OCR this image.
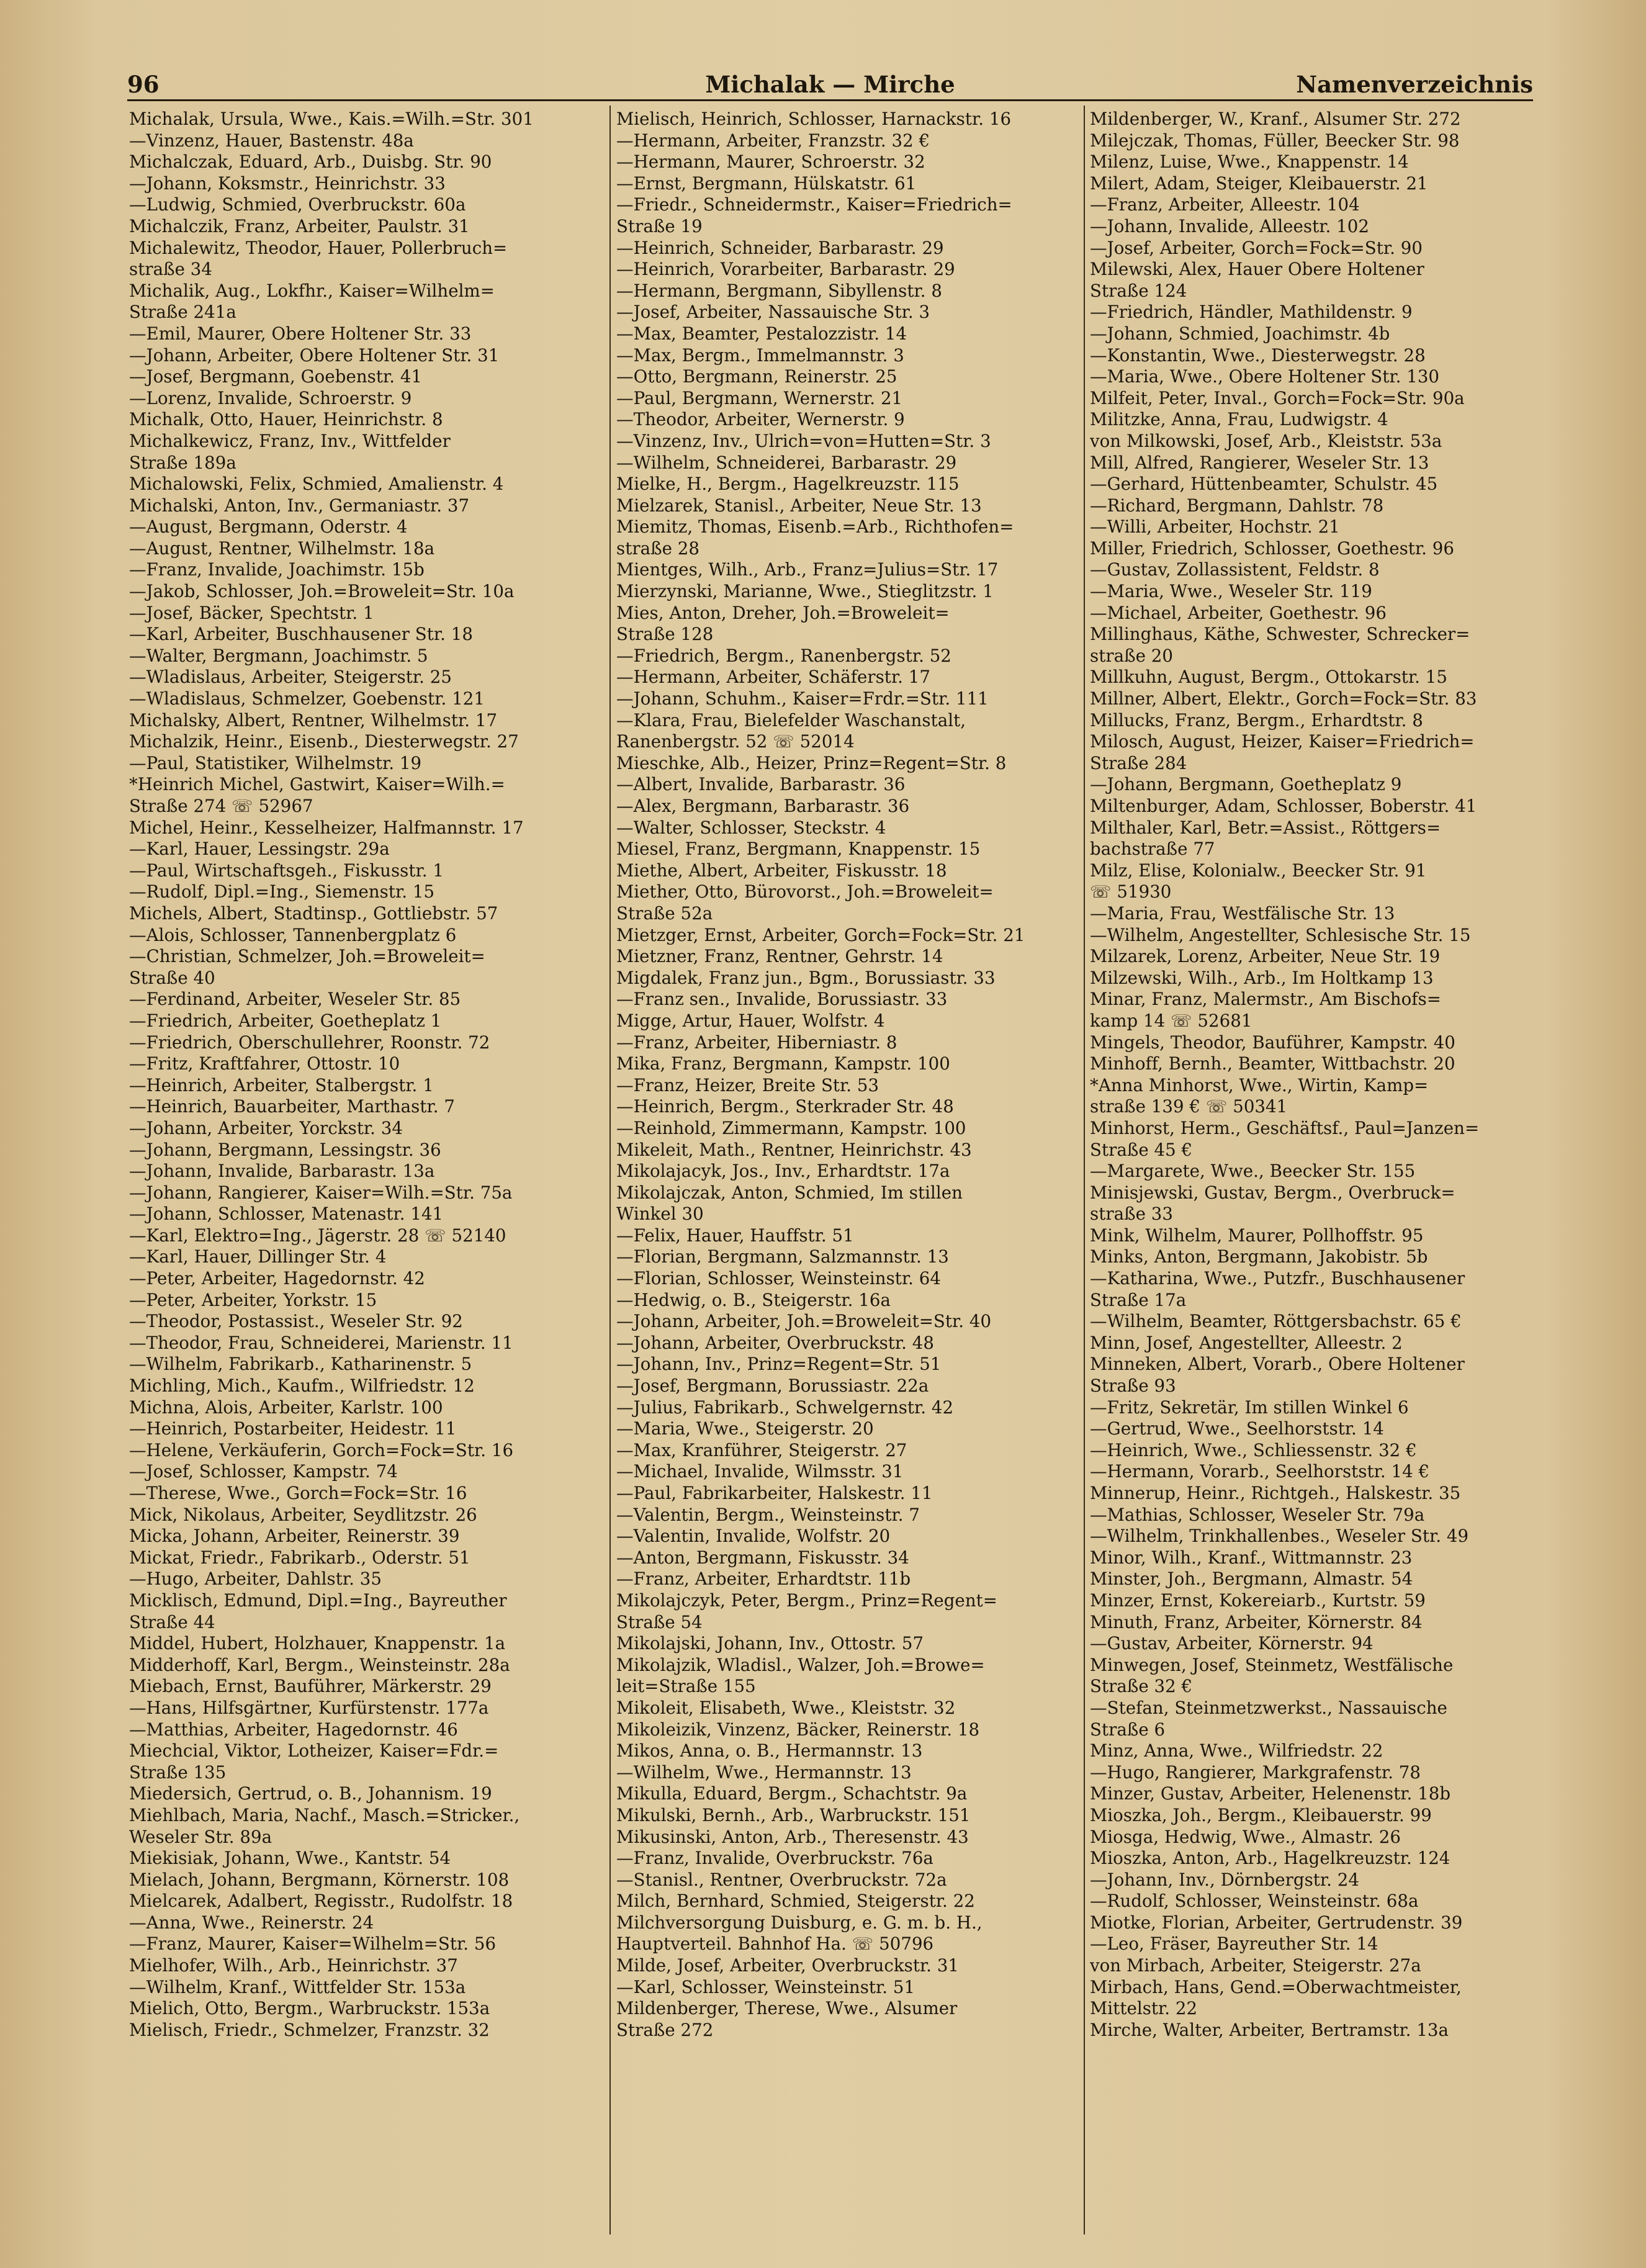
96	Michalak — Mirche	Namenverzeichnis
Michalak, Ursula, Wwe., Kais.=Wilh.=Str. 301
—Vinzenz, Hauer, Bastenstr. 48a
Michalczak, Eduard, Arb., Duisbg. Str. 90
—Johann, Koksmstr., Heinrichstr. 33
—Ludwig, Schmied, Overbruckstr. 60a
Michalczik, Franz, Arbeiter, Paulstr. 31
Michalewitz, Theodor, Hauer, Pollerbruch=
straße 34
Michalik, Aug., Lokfhr., Kaiser=Wilhelm=
Straße 241a
—Emil, Maurer, Obere Holtener Str. 33
—Johann, Arbeiter, Obere Holtener Str. 31
—Josef, Bergmann, Goebenstr. 41
—Lorenz, Invalide, Schroerstr. 9
Michalk, Otto, Hauer, Heinrichstr. 8
Michalkewicz, Franz, Inv., Wittfelder
Straße 189a
Michalowski, Felix, Schmied, Amalienstr. 4
Michalski, Anton, Inv., Germaniastr. 37
—August, Bergmann, Oderstr. 4
—August, Rentner, Wilhelmstr. 18a
—Franz, Invalide, Joachimstr. 15b
—Jakob, Schlosser, Joh.=Broweleit=Str. 10a
—Josef, Bäcker, Spechtstr. 1
—Karl, Arbeiter, Buschhausener Str. 18
—Walter, Bergmann, Joachimstr. 5
—Wladislaus, Arbeiter, Steigerstr. 25
—Wladislaus, Schmelzer, Goebenstr. 121
Michalsky, Albert, Rentner, Wilhelmstr. 17
Michalzik, Heinr., Eisenb., Diesterwegstr. 27
—Paul, Statistiker, Wilhelmstr. 19
*Heinrich Michel, Gastwirt, Kaiser=Wilh.=
Straße 274 ☏ 52967
Michel, Heinr., Kesselheizer, Halfmannstr. 17
—Karl, Hauer, Lessingstr. 29a
—Paul, Wirtschaftsgeh., Fiskusstr. 1
—Rudolf, Dipl.=Ing., Siemenstr. 15
Michels, Albert, Stadtinsp., Gottliebstr. 57
—Alois, Schlosser, Tannenbergplatz 6
—Christian, Schmelzer, Joh.=Broweleit=
Straße 40
—Ferdinand, Arbeiter, Weseler Str. 85
—Friedrich, Arbeiter, Goetheplatz 1
—Friedrich, Oberschullehrer, Roonstr. 72
—Fritz, Kraftfahrer, Ottostr. 10
—Heinrich, Arbeiter, Stalbergstr. 1
—Heinrich, Bauarbeiter, Marthastr. 7
—Johann, Arbeiter, Yorckstr. 34
—Johann, Bergmann, Lessingstr. 36
—Johann, Invalide, Barbarastr. 13a
—Johann, Rangierer, Kaiser=Wilh.=Str. 75a
—Johann, Schlosser, Matenastr. 141
—Karl, Elektro=Ing., Jägerstr. 28 ☏ 52140
—Karl, Hauer, Dillinger Str. 4
—Peter, Arbeiter, Hagedornstr. 42
—Peter, Arbeiter, Yorkstr. 15
—Theodor, Postassist., Weseler Str. 92
—Theodor, Frau, Schneiderei, Marienstr. 11
—Wilhelm, Fabrikarb., Katharinenstr. 5
Michling, Mich., Kaufm., Wilfriedstr. 12
Michna, Alois, Arbeiter, Karlstr. 100
—Heinrich, Postarbeiter, Heidestr. 11
—Helene, Verkäuferin, Gorch=Fock=Str. 16
—Josef, Schlosser, Kampstr. 74
—Therese, Wwe., Gorch=Fock=Str. 16
Mick, Nikolaus, Arbeiter, Seydlitzstr. 26
Micka, Johann, Arbeiter, Reinerstr. 39
Mickat, Friedr., Fabrikarb., Oderstr. 51
—Hugo, Arbeiter, Dahlstr. 35
Micklisch, Edmund, Dipl.=Ing., Bayreuther
Straße 44
Middel, Hubert, Holzhauer, Knappenstr. 1a
Midderhoff, Karl, Bergm., Weinsteinstr. 28a
Miebach, Ernst, Bauführer, Märkerstr. 29
—Hans, Hilfsgärtner, Kurfürstenstr. 177a
—Matthias, Arbeiter, Hagedornstr. 46
Miechcial, Viktor, Lotheizer, Kaiser=Fdr.=
Straße 135
Miedersich, Gertrud, o. B., Johannism. 19
Miehlbach, Maria, Nachf., Masch.=Stricker.,
Weseler Str. 89a
Miekisiak, Johann, Wwe., Kantstr. 54
Mielach, Johann, Bergmann, Körnerstr. 108
Mielcarek, Adalbert, Regisstr., Rudolfstr. 18
—Anna, Wwe., Reinerstr. 24
—Franz, Maurer, Kaiser=Wilhelm=Str. 56
Mielhofer, Wilh., Arb., Heinrichstr. 37
—Wilhelm, Kranf., Wittfelder Str. 153a
Mielich, Otto, Bergm., Warbruckstr. 153a
Mielisch, Friedr., Schmelzer, Franzstr. 32
Mielisch, Heinrich, Schlosser, Harnackstr. 16
—Hermann, Arbeiter, Franzstr. 32 €
—Hermann, Maurer, Schroerstr. 32
—Ernst, Bergmann, Hülskatstr. 61
—Friedr., Schneidermstr., Kaiser=Friedrich=
Straße 19
—Heinrich, Schneider, Barbarastr. 29
—Heinrich, Vorarbeiter, Barbarastr. 29
—Hermann, Bergmann, Sibyllenstr. 8
—Josef, Arbeiter, Nassauische Str. 3
—Max, Beamter, Pestalozzistr. 14
—Max, Bergm., Immelmannstr. 3
—Otto, Bergmann, Reinerstr. 25
—Paul, Bergmann, Wernerstr. 21
—Theodor, Arbeiter, Wernerstr. 9
—Vinzenz, Inv., Ulrich=von=Hutten=Str. 3
—Wilhelm, Schneiderei, Barbarastr. 29
Mielke, H., Bergm., Hagelkreuzstr. 115
Mielzarek, Stanisl., Arbeiter, Neue Str. 13
Miemitz, Thomas, Eisenb.=Arb., Richthofen=
straße 28
Mientges, Wilh., Arb., Franz=Julius=Str. 17
Mierzynski, Marianne, Wwe., Stieglitzstr. 1
Mies, Anton, Dreher, Joh.=Broweleit=
Straße 128
—Friedrich, Bergm., Ranenbergstr. 52
—Hermann, Arbeiter, Schäferstr. 17
—Johann, Schuhm., Kaiser=Frdr.=Str. 111
—Klara, Frau, Bielefelder Waschanstalt,
Ranenbergstr. 52 ☏ 52014
Mieschke, Alb., Heizer, Prinz=Regent=Str. 8
—Albert, Invalide, Barbarastr. 36
—Alex, Bergmann, Barbarastr. 36
—Walter, Schlosser, Steckstr. 4
Miesel, Franz, Bergmann, Knappenstr. 15
Miethe, Albert, Arbeiter, Fiskusstr. 18
Miether, Otto, Bürovorst., Joh.=Broweleit=
Straße 52a
Mietzger, Ernst, Arbeiter, Gorch=Fock=Str. 21
Mietzner, Franz, Rentner, Gehrstr. 14
Migdalek, Franz jun., Bgm., Borussiastr. 33
—Franz sen., Invalide, Borussiastr. 33
Migge, Artur, Hauer, Wolfstr. 4
—Franz, Arbeiter, Hiberniastr. 8
Mika, Franz, Bergmann, Kampstr. 100
—Franz, Heizer, Breite Str. 53
—Heinrich, Bergm., Sterkrader Str. 48
—Reinhold, Zimmermann, Kampstr. 100
Mikeleit, Math., Rentner, Heinrichstr. 43
Mikolajacyk, Jos., Inv., Erhardtstr. 17a
Mikolajczak, Anton, Schmied, Im stillen
Winkel 30
—Felix, Hauer, Hauffstr. 51
—Florian, Bergmann, Salzmannstr. 13
—Florian, Schlosser, Weinsteinstr. 64
—Hedwig, o. B., Steigerstr. 16a
—Johann, Arbeiter, Joh.=Broweleit=Str. 40
—Johann, Arbeiter, Overbruckstr. 48
—Johann, Inv., Prinz=Regent=Str. 51
—Josef, Bergmann, Borussiastr. 22a
—Julius, Fabrikarb., Schwelgernstr. 42
—Maria, Wwe., Steigerstr. 20
—Max, Kranführer, Steigerstr. 27
—Michael, Invalide, Wilmsstr. 31
—Paul, Fabrikarbeiter, Halskestr. 11
—Valentin, Bergm., Weinsteinstr. 7
—Valentin, Invalide, Wolfstr. 20
—Anton, Bergmann, Fiskusstr. 34
—Franz, Arbeiter, Erhardtstr. 11b
Mikolajczyk, Peter, Bergm., Prinz=Regent=
Straße 54
Mikolajski, Johann, Inv., Ottostr. 57
Mikolajzik, Wladisl., Walzer, Joh.=Browe=
leit=Straße 155
Mikoleit, Elisabeth, Wwe., Kleiststr. 32
Mikoleizik, Vinzenz, Bäcker, Reinerstr. 18
Mikos, Anna, o. B., Hermannstr. 13
—Wilhelm, Wwe., Hermannstr. 13
Mikulla, Eduard, Bergm., Schachtstr. 9a
Mikulski, Bernh., Arb., Warbruckstr. 151
Mikusinski, Anton, Arb., Theresenstr. 43
—Franz, Invalide, Overbruckstr. 76a
—Stanisl., Rentner, Overbruckstr. 72a
Milch, Bernhard, Schmied, Steigerstr. 22
Milchversorgung Duisburg, e. G. m. b. H.,
Hauptverteil. Bahnhof Ha. ☏ 50796
Milde, Josef, Arbeiter, Overbruckstr. 31
—Karl, Schlosser, Weinsteinstr. 51
Mildenberger, Therese, Wwe., Alsumer
Straße 272
Mildenberger, W., Kranf., Alsumer Str. 272
Milejczak, Thomas, Füller, Beecker Str. 98
Milenz, Luise, Wwe., Knappenstr. 14
Milert, Adam, Steiger, Kleibauerstr. 21
—Franz, Arbeiter, Alleestr. 104
—Johann, Invalide, Alleestr. 102
—Josef, Arbeiter, Gorch=Fock=Str. 90
Milewski, Alex, Hauer Obere Holtener
Straße 124
—Friedrich, Händler, Mathildenstr. 9
—Johann, Schmied, Joachimstr. 4b
—Konstantin, Wwe., Diesterwegstr. 28
—Maria, Wwe., Obere Holtener Str. 130
Milfeit, Peter, Inval., Gorch=Fock=Str. 90a
Militzke, Anna, Frau, Ludwigstr. 4
von Milkowski, Josef, Arb., Kleiststr. 53a
Mill, Alfred, Rangierer, Weseler Str. 13
—Gerhard, Hüttenbeamter, Schulstr. 45
—Richard, Bergmann, Dahlstr. 78
—Willi, Arbeiter, Hochstr. 21
Miller, Friedrich, Schlosser, Goethestr. 96
—Gustav, Zollassistent, Feldstr. 8
—Maria, Wwe., Weseler Str. 119
—Michael, Arbeiter, Goethestr. 96
Millinghaus, Käthe, Schwester, Schrecker=
straße 20
Millkuhn, August, Bergm., Ottokarstr. 15
Millner, Albert, Elektr., Gorch=Fock=Str. 83
Millucks, Franz, Bergm., Erhardtstr. 8
Milosch, August, Heizer, Kaiser=Friedrich=
Straße 284
—Johann, Bergmann, Goetheplatz 9
Miltenburger, Adam, Schlosser, Boberstr. 41
Milthaler, Karl, Betr.=Assist., Röttgers=
bachstraße 77
Milz, Elise, Kolonialw., Beecker Str. 91
☏ 51930
—Maria, Frau, Westfälische Str. 13
—Wilhelm, Angestellter, Schlesische Str. 15
Milzarek, Lorenz, Arbeiter, Neue Str. 19
Milzewski, Wilh., Arb., Im Holtkamp 13
Minar, Franz, Malermstr., Am Bischofs=
kamp 14 ☏ 52681
Mingels, Theodor, Bauführer, Kampstr. 40
Minhoff, Bernh., Beamter, Wittbachstr. 20
*Anna Minhorst, Wwe., Wirtin, Kamp=
straße 139 € ☏ 50341
Minhorst, Herm., Geschäftsf., Paul=Janzen=
Straße 45 €
—Margarete, Wwe., Beecker Str. 155
Minisjewski, Gustav, Bergm., Overbruck=
straße 33
Mink, Wilhelm, Maurer, Pollhoffstr. 95
Minks, Anton, Bergmann, Jakobistr. 5b
—Katharina, Wwe., Putzfr., Buschhausener
Straße 17a
—Wilhelm, Beamter, Röttgersbachstr. 65 €
Minn, Josef, Angestellter, Alleestr. 2
Minneken, Albert, Vorarb., Obere Holtener
Straße 93
—Fritz, Sekretär, Im stillen Winkel 6
—Gertrud, Wwe., Seelhorststr. 14
—Heinrich, Wwe., Schliessenstr. 32 €
—Hermann, Vorarb., Seelhorststr. 14 €
Minnerup, Heinr., Richtgeh., Halskestr. 35
—Mathias, Schlosser, Weseler Str. 79a
—Wilhelm, Trinkhallenbes., Weseler Str. 49
Minor, Wilh., Kranf., Wittmannstr. 23
Minster, Joh., Bergmann, Almastr. 54
Minzer, Ernst, Kokereiarb., Kurtstr. 59
Minuth, Franz, Arbeiter, Körnerstr. 84
—Gustav, Arbeiter, Körnerstr. 94
Minwegen, Josef, Steinmetz, Westfälische
Straße 32 €
—Stefan, Steinmetzwerkst., Nassauische
Straße 6
Minz, Anna, Wwe., Wilfriedstr. 22
—Hugo, Rangierer, Markgrafenstr. 78
Minzer, Gustav, Arbeiter, Helenenstr. 18b
Mioszka, Joh., Bergm., Kleibauerstr. 99
Miosga, Hedwig, Wwe., Almastr. 26
Mioszka, Anton, Arb., Hagelkreuzstr. 124
—Johann, Inv., Dörnbergstr. 24
—Rudolf, Schlosser, Weinsteinstr. 68a
Miotke, Florian, Arbeiter, Gertrudenstr. 39
—Leo, Fräser, Bayreuther Str. 14
von Mirbach, Arbeiter, Steigerstr. 27a
Mirbach, Hans, Gend.=Oberwachtmeister,
Mittelstr. 22
Mirche, Walter, Arbeiter, Bertramstr. 13a
